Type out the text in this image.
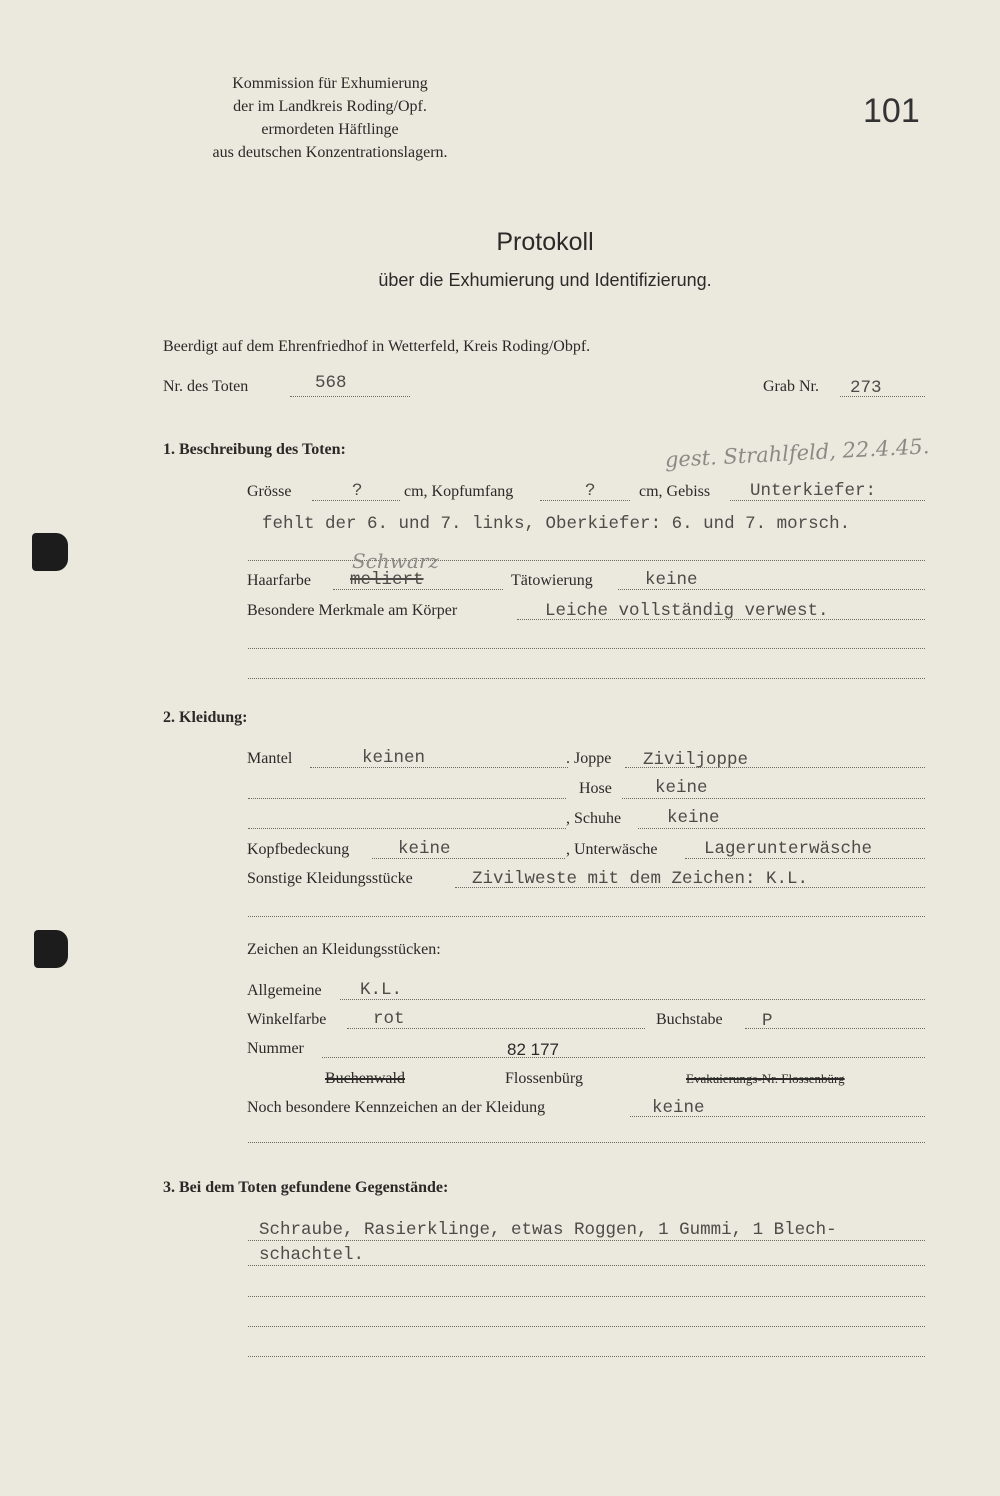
Kommission für Exhumierung
der im Landkreis Roding/Opf.
ermordeten Häftlinge
aus deutschen Konzentrationslagern.
101
Protokoll
über die Exhumierung und Identifizierung.
Beerdigt auf dem Ehrenfriedhof in Wetterfeld, Kreis Roding/Obpf.
Nr. des Toten	568	Grab Nr. 273
1. Beschreibung des Toten:	gest. Strahlfeld, 22.4.45.
Grösse	?	cm, Kopfumfang	?	cm, Gebiss Unterkiefer:
fehlt der 6. und 7. links, Oberkiefer: 6. und 7. morsch.
Schwarz
Haarfarbe meliert	Tätowierung	keine
Besondere Merkmale am Körper	Leiche vollständig verwest.
2. Kleidung:
Mantel	keinen	. Joppe Ziviljoppe
Hose keine
, Schuhe	keine
Kopfbedeckung	keine	, Unterwäsche	Lagerunterwäsche
Sonstige Kleidungsstücke	Zivilweste mit dem Zeichen: K.L.
Zeichen an Kleidungsstücken:
Allgemeine K.L.
Winkelfarbe	rot	Buchstabe P
Nummer	82 177
Buchenwald	Flossenbürg	Evakuierungs-Nr. Flossenbürg
Noch besondere Kennzeichen an der Kleidung	keine
3. Bei dem Toten gefundene Gegenstände:
Schraube, Rasierklinge, etwas Roggen, 1 Gummi, 1 Blech-
schachtel.
